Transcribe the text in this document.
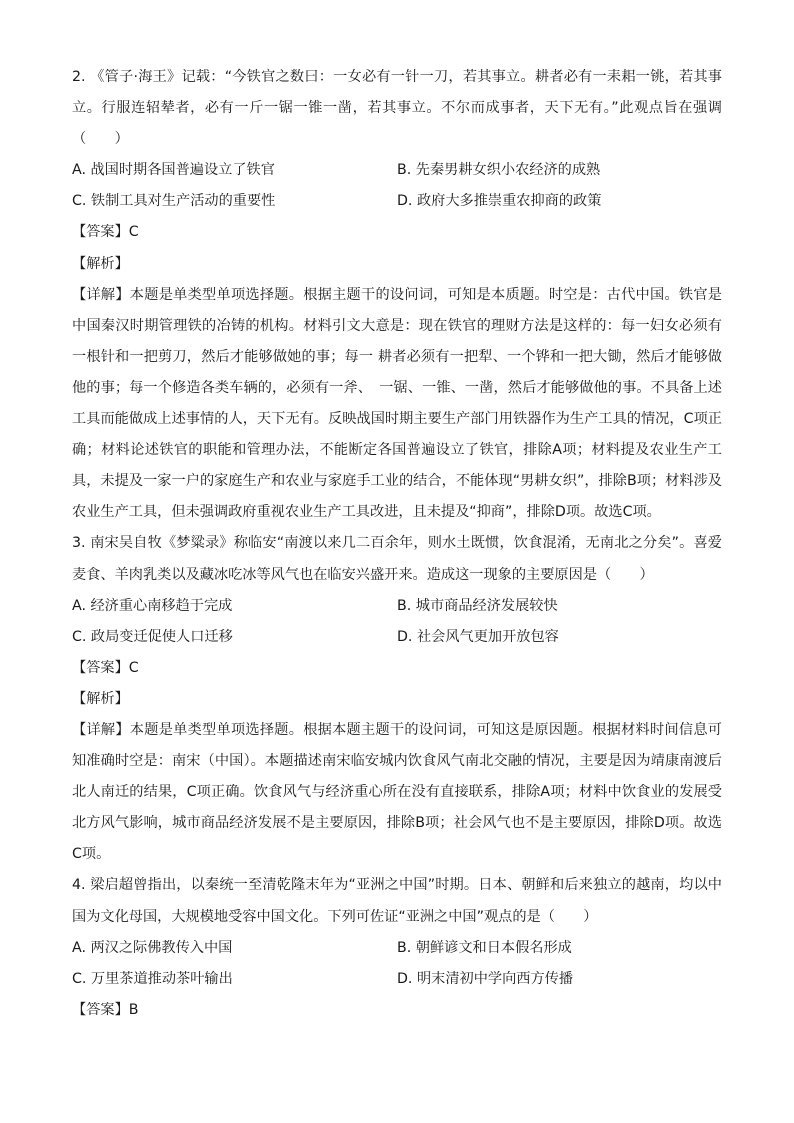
2. 《管子·海王》记载：“今铁官之数曰：一女必有一针一刀，若其事立。耕者必有一耒耜一铫，若其事立。行服连轺辇者，必有一斤一锯一锥一凿，若其事立。不尔而成事者，天下无有。”此观点旨在强调（　　）

A. 战国时期各国普遍设立了铁官	B. 先秦男耕女织小农经济的成熟
C. 铁制工具对生产活动的重要性	D. 政府大多推崇重农抑商的政策

【答案】C

【解析】

【详解】本题是单类型单项选择题。根据主题干的设问词，可知是本质题。时空是：古代中国。铁官是中国秦汉时期管理铁的冶铸的机构。材料引文大意是：现在铁官的理财方法是这样的：每一妇女必须有一根针和一把剪刀，然后才能够做她的事；每一 耕者必须有一把犁、一个铧和一把大锄，然后才能够做他的事；每一个修造各类车辆的，必须有一斧、　一锯、一锥、一凿，然后才能够做他的事。不具备上述工具而能做成上述事情的人，天下无有。反映战国时期主要生产部门用铁器作为生产工具的情况，C项正确；材料论述铁官的职能和管理办法，不能断定各国普遍设立了铁官，排除A项；材料提及农业生产工具，未提及一家一户的家庭生产和农业与家庭手工业的结合，不能体现“男耕女织”，排除B项；材料涉及农业生产工具，但未强调政府重视农业生产工具改进，且未提及“抑商”，排除D项。故选C项。

3. 南宋吴自牧《梦粱录》称临安“南渡以来几二百余年，则水土既惯，饮食混淆，无南北之分矣”。喜爱麦食、羊肉乳类以及藏冰吃冰等风气也在临安兴盛开来。造成这一现象的主要原因是（　　）

A. 经济重心南移趋于完成	B. 城市商品经济发展较快
C. 政局变迁促使人口迁移	D. 社会风气更加开放包容

【答案】C

【解析】

【详解】本题是单类型单项选择题。根据本题主题干的设问词，可知这是原因题。根据材料时间信息可知准确时空是：南宋（中国）。本题描述南宋临安城内饮食风气南北交融的情况，主要是因为靖康南渡后北人南迁的结果，C项正确。饮食风气与经济重心所在没有直接联系，排除A项；材料中饮食业的发展受北方风气影响，城市商品经济发展不是主要原因，排除B项；社会风气也不是主要原因，排除D项。故选C项。

4. 梁启超曾指出，以秦统一至清乾隆末年为“亚洲之中国”时期。日本、朝鲜和后来独立的越南，均以中国为文化母国，大规模地受容中国文化。下列可佐证“亚洲之中国”观点的是（　　）

A. 两汉之际佛教传入中国	B. 朝鲜谚文和日本假名形成
C. 万里茶道推动茶叶输出	D. 明末清初中学向西方传播

【答案】B
